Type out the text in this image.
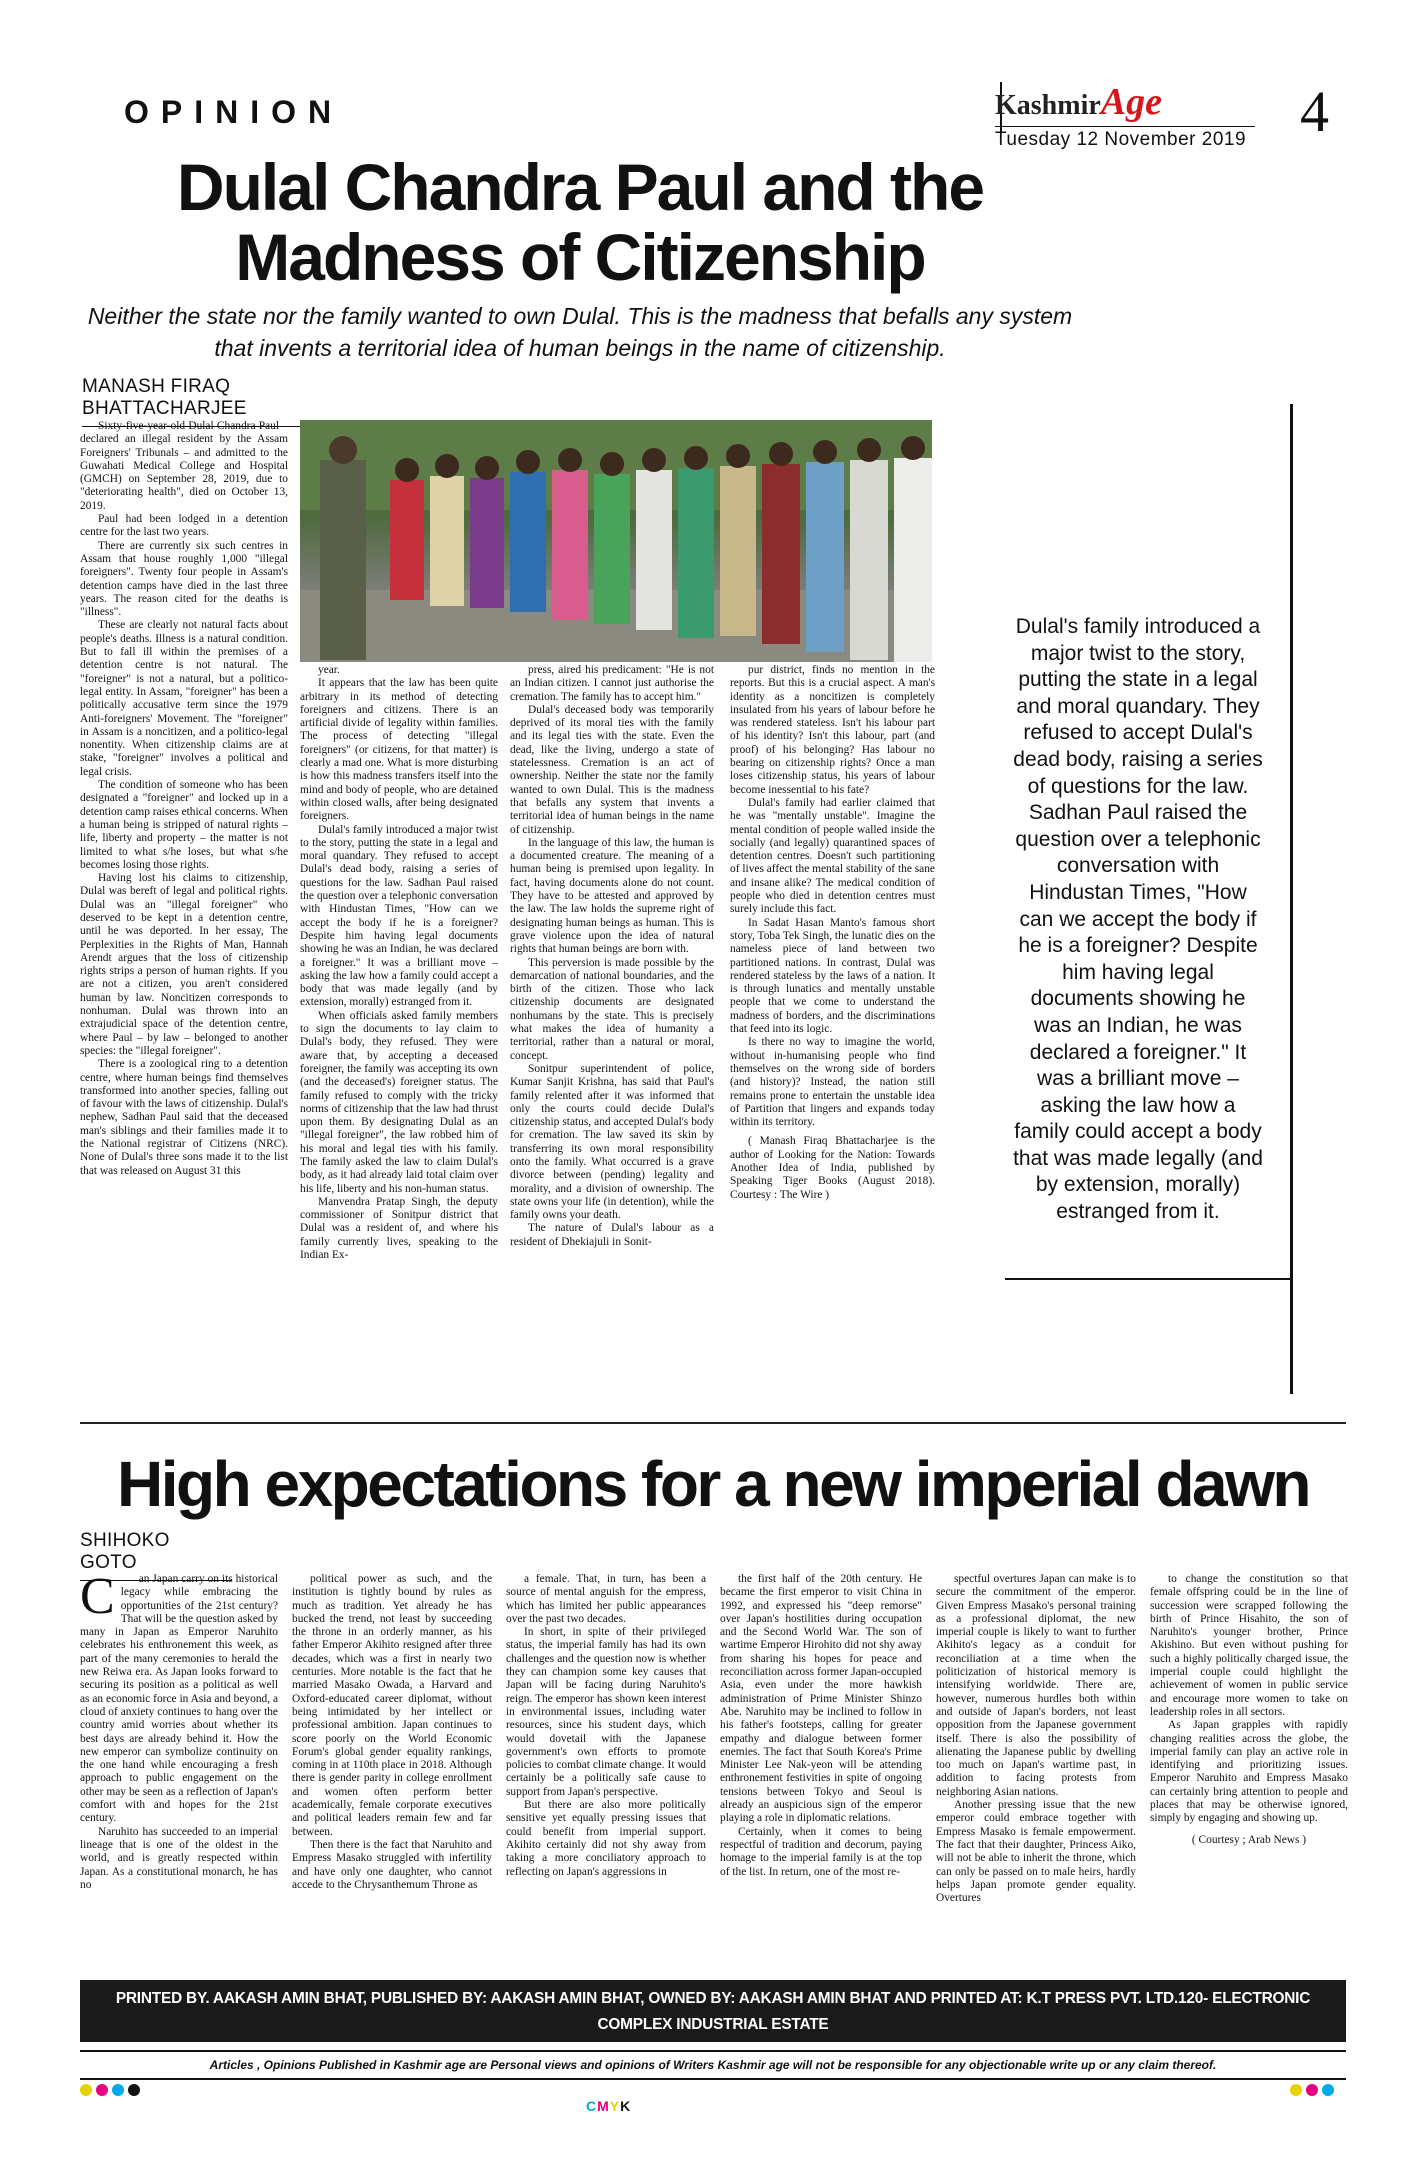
OPINION	KashmirAge
Tuesday 12 November 2019 4
Dulal Chandra Paul and the
Madness of Citizenship
Neither the state nor the family wanted to own Dulal. This is the madness that befalls any system that invents a territorial idea of human beings in the name of citizenship.
MANASH FIRAQ BHATTACHARJEE

Sixty-five-year-old Dulal Chandra Paul – declared an illegal resident by the Assam Foreigners' Tribunals – and admitted to the Guwahati Medical College and Hospital (GMCH) on September 28, 2019, due to "deteriorating health", died on October 13, 2019.

Paul had been lodged in a detention centre for the last two years.

There are currently six such centres in Assam that house roughly 1,000 "illegal foreigners". Twenty four people in Assam's detention camps have died in the last three years. The reason cited for the deaths is "illness".

These are clearly not natural facts about people's deaths. Illness is a natural condition. But to fall ill within the premises of a detention centre is not natural. The "foreigner" is not a natural, but a politico-legal entity. In Assam, "foreigner" has been a politically accusative term since the 1979 Anti-foreigners' Movement. The "foreigner" in Assam is a noncitizen, and a politico-legal nonentity. When citizenship claims are at stake, "foreigner" involves a political and legal crisis.

The condition of someone who has been designated a "foreigner" and locked up in a detention camp raises ethical concerns. When a human being is stripped of natural rights – life, liberty and property – the matter is not limited to what s/he loses, but what s/he becomes losing those rights.

Having lost his claims to citizenship, Dulal was bereft of legal and political rights. Dulal was an "illegal foreigner" who deserved to be kept in a detention centre, until he was deported. In her essay, The Perplexities in the Rights of Man, Hannah Arendt argues that the loss of citizenship rights strips a person of human rights. If you are not a citizen, you aren't considered human by law. Noncitizen corresponds to nonhuman. Dulal was thrown into an extrajudicial space of the detention centre, where Paul – by law – belonged to another species: the "illegal foreigner".

There is a zoological ring to a detention centre, where human beings find themselves transformed into another species, falling out of favour with the laws of citizenship. Dulal's nephew, Sadhan Paul said that the deceased man's siblings and their families made it to the National registrar of Citizens (NRC). None of Dulal's three sons made it to the list that was released on August 31 this

year.

It appears that the law has been quite arbitrary in its method of detecting foreigners and citizens. There is an artificial divide of legality within families. The process of detecting "illegal foreigners" (or citizens, for that matter) is clearly a mad one. What is more disturbing is how this madness transfers itself into the mind and body of people, who are detained within closed walls, after being designated foreigners.

Dulal's family introduced a major twist to the story, putting the state in a legal and moral quandary. They refused to accept Dulal's dead body, raising a series of questions for the law. Sadhan Paul raised the question over a telephonic conversation with Hindustan Times, "How can we accept the body if he is a foreigner? Despite him having legal documents showing he was an Indian, he was declared a foreigner." It was a brilliant move – asking the law how a family could accept a body that was made legally (and by extension, morally) estranged from it.

When officials asked family members to sign the documents to lay claim to Dulal's body, they refused. They were aware that, by accepting a deceased foreigner, the family was accepting its own (and the deceased's) foreigner status. The family refused to comply with the tricky norms of citizenship that the law had thrust upon them. By designating Dulal as an "illegal foreigner", the law robbed him of his moral and legal ties with his family. The family asked the law to claim Dulal's body, as it had already laid total claim over his life, liberty and his non-human status.

Manvendra Pratap Singh, the deputy commissioner of Sonitpur district that Dulal was a resident of, and where his family currently lives, speaking to the Indian Ex-

press, aired his predicament: "He is not an Indian citizen. I cannot just authorise the cremation. The family has to accept him."

Dulal's deceased body was temporarily deprived of its moral ties with the family and its legal ties with the state. Even the dead, like the living, undergo a state of statelessness. Cremation is an act of ownership. Neither the state nor the family wanted to own Dulal. This is the madness that befalls any system that invents a territorial idea of human beings in the name of citizenship.

In the language of this law, the human is a documented creature. The meaning of a human being is premised upon legality. In fact, having documents alone do not count. They have to be attested and approved by the law. The law holds the supreme right of designating human beings as human. This is grave violence upon the idea of natural rights that human beings are born with.

This perversion is made possible by the demarcation of national boundaries, and the birth of the citizen. Those who lack citizenship documents are designated nonhumans by the state. This is precisely what makes the idea of humanity a territorial, rather than a natural or moral, concept.

Sonitpur superintendent of police, Kumar Sanjit Krishna, has said that Paul's family relented after it was informed that only the courts could decide Dulal's citizenship status, and accepted Dulal's body for cremation. The law saved its skin by transferring its own moral responsibility onto the family. What occurred is a grave divorce between (pending) legality and morality, and a division of ownership. The state owns your life (in detention), while the family owns your death.

The nature of Dulal's labour as a resident of Dhekiajuli in Sonit-

pur district, finds no mention in the reports. But this is a crucial aspect. A man's identity as a noncitizen is completely insulated from his years of labour before he was rendered stateless. Isn't his labour part of his identity? Isn't this labour, part (and proof) of his belonging? Has labour no bearing on citizenship rights? Once a man loses citizenship status, his years of labour become inessential to his fate?

Dulal's family had earlier claimed that he was "mentally unstable". Imagine the mental condition of people walled inside the socially (and legally) quarantined spaces of detention centres. Doesn't such partitioning of lives affect the mental stability of the sane and insane alike? The medical condition of people who died in detention centres must surely include this fact.

In Sadat Hasan Manto's famous short story, Toba Tek Singh, the lunatic dies on the nameless piece of land between two partitioned nations. In contrast, Dulal was rendered stateless by the laws of a nation. It is through lunatics and mentally unstable people that we come to understand the madness of borders, and the discriminations that feed into its logic.

Is there no way to imagine the world, without in-humanising people who find themselves on the wrong side of borders (and history)? Instead, the nation still remains prone to entertain the unstable idea of Partition that lingers and expands today within its territory.

( Manash Firaq Bhattacharjee is the author of Looking for the Nation: Towards Another Idea of India, published by Speaking Tiger Books (August 2018). Courtesy : The Wire )

Dulal's family introduced a major twist to the story, putting the state in a legal and moral quandary. They refused to accept Dulal's dead body, raising a series of questions for the law. Sadhan Paul raised the question over a telephonic conversation with Hindustan Times, "How can we accept the body if he is a foreigner? Despite him having legal documents showing he was an Indian, he was declared a foreigner." It was a brilliant move – asking the law how a family could accept a body that was made legally (and by extension, morally) estranged from it.
High expectations for a new imperial dawn
SHIHOKO GOTO
C	an Japan carry on its historical legacy while embracing the opportunities of the 21st century? That will be the question asked by many in Japan as Emperor Naruhito celebrates his enthronement this week, as part of the many ceremonies to herald the new Reiwa era. As Japan looks forward to securing its position as a political as well as an economic force in Asia and beyond, a cloud of anxiety continues to hang over the country amid worries about whether its best days are already behind it. How the new emperor can symbolize continuity on the one hand while encouraging a fresh approach to public engagement on the other may be seen as a reflection of Japan's comfort with and hopes for the 21st century.

Naruhito has succeeded to an imperial lineage that is one of the oldest in the world, and is greatly respected within Japan. As a constitutional monarch, he has no

political power as such, and the institution is tightly bound by rules as much as tradition. Yet already he has bucked the trend, not least by succeeding the throne in an orderly manner, as his father Emperor Akihito resigned after three decades, which was a first in nearly two centuries. More notable is the fact that he married Masako Owada, a Harvard and Oxford-educated career diplomat, without being intimidated by her intellect or professional ambition. Japan continues to score poorly on the World Economic Forum's global gender equality rankings, coming in at 110th place in 2018. Although there is gender parity in college enrollment and women often perform better academically, female corporate executives and political leaders remain few and far between.

Then there is the fact that Naruhito and Empress Masako struggled with infertility and have only one daughter, who cannot accede to the Chrysanthemum Throne as

a female. That, in turn, has been a source of mental anguish for the empress, which has limited her public appearances over the past two decades.

In short, in spite of their privileged status, the imperial family has had its own challenges and the question now is whether they can champion some key causes that Japan will be facing during Naruhito's reign. The emperor has shown keen interest in environmental issues, including water resources, since his student days, which would dovetail with the Japanese government's own efforts to promote policies to combat climate change. It would certainly be a politically safe cause to support from Japan's perspective.

But there are also more politically sensitive yet equally pressing issues that could benefit from imperial support. Akihito certainly did not shy away from taking a more conciliatory approach to reflecting on Japan's aggressions in

the first half of the 20th century. He became the first emperor to visit China in 1992, and expressed his "deep remorse" over Japan's hostilities during occupation and the Second World War. The son of wartime Emperor Hirohito did not shy away from sharing his hopes for peace and reconciliation across former Japan-occupied Asia, even under the more hawkish administration of Prime Minister Shinzo Abe. Naruhito may be inclined to follow in his father's footsteps, calling for greater empathy and dialogue between former enemies. The fact that South Korea's Prime Minister Lee Nak-yeon will be attending enthronement festivities in spite of ongoing tensions between Tokyo and Seoul is already an auspicious sign of the emperor playing a role in diplomatic relations.

Certainly, when it comes to being respectful of tradition and decorum, paying homage to the imperial family is at the top of the list. In return, one of the most re-

spectful overtures Japan can make is to secure the commitment of the emperor. Given Empress Masako's personal training as a professional diplomat, the new imperial couple is likely to want to further Akihito's legacy as a conduit for reconciliation at a time when the politicization of historical memory is intensifying worldwide. There are, however, numerous hurdles both within and outside of Japan's borders, not least opposition from the Japanese government itself. There is also the possibility of alienating the Japanese public by dwelling too much on Japan's wartime past, in addition to facing protests from neighboring Asian nations.

Another pressing issue that the new emperor could embrace together with Empress Masako is female empowerment. The fact that their daughter, Princess Aiko, will not be able to inherit the throne, which can only be passed on to male heirs, hardly helps Japan promote gender equality. Overtures

to change the constitution so that female offspring could be in the line of succession were scrapped following the birth of Prince Hisahito, the son of Naruhito's younger brother, Prince Akishino. But even without pushing for such a highly politically charged issue, the imperial couple could highlight the achievement of women in public service and encourage more women to take on leadership roles in all sectors.

As Japan grapples with rapidly changing realities across the globe, the imperial family can play an active role in identifying and prioritizing issues. Emperor Naruhito and Empress Masako can certainly bring attention to people and places that may be otherwise ignored, simply by engaging and showing up.

( Courtesy ; Arab News )

PRINTED BY. AAKASH AMIN BHAT, PUBLISHED BY: AAKASH AMIN BHAT, OWNED BY: AAKASH AMIN BHAT AND PRINTED AT: K.T PRESS PVT. LTD.120- ELECTRONIC COMPLEX INDUSTRIAL ESTATE
RANGRETH BUDGAM, J&K. AND PUBLISHED AT: MEDIA ENCLAVE RESIDENCY ROAD SGR. 190001 J&K. EDITOR: AAKASH AMIN BHAT, JKENG/2006/23952
Articles , Opinions Published in Kashmir age are Personal views and opinions of Writers Kashmir age will not be responsible for any objectionable write up or any claim thereof.
CMYK
